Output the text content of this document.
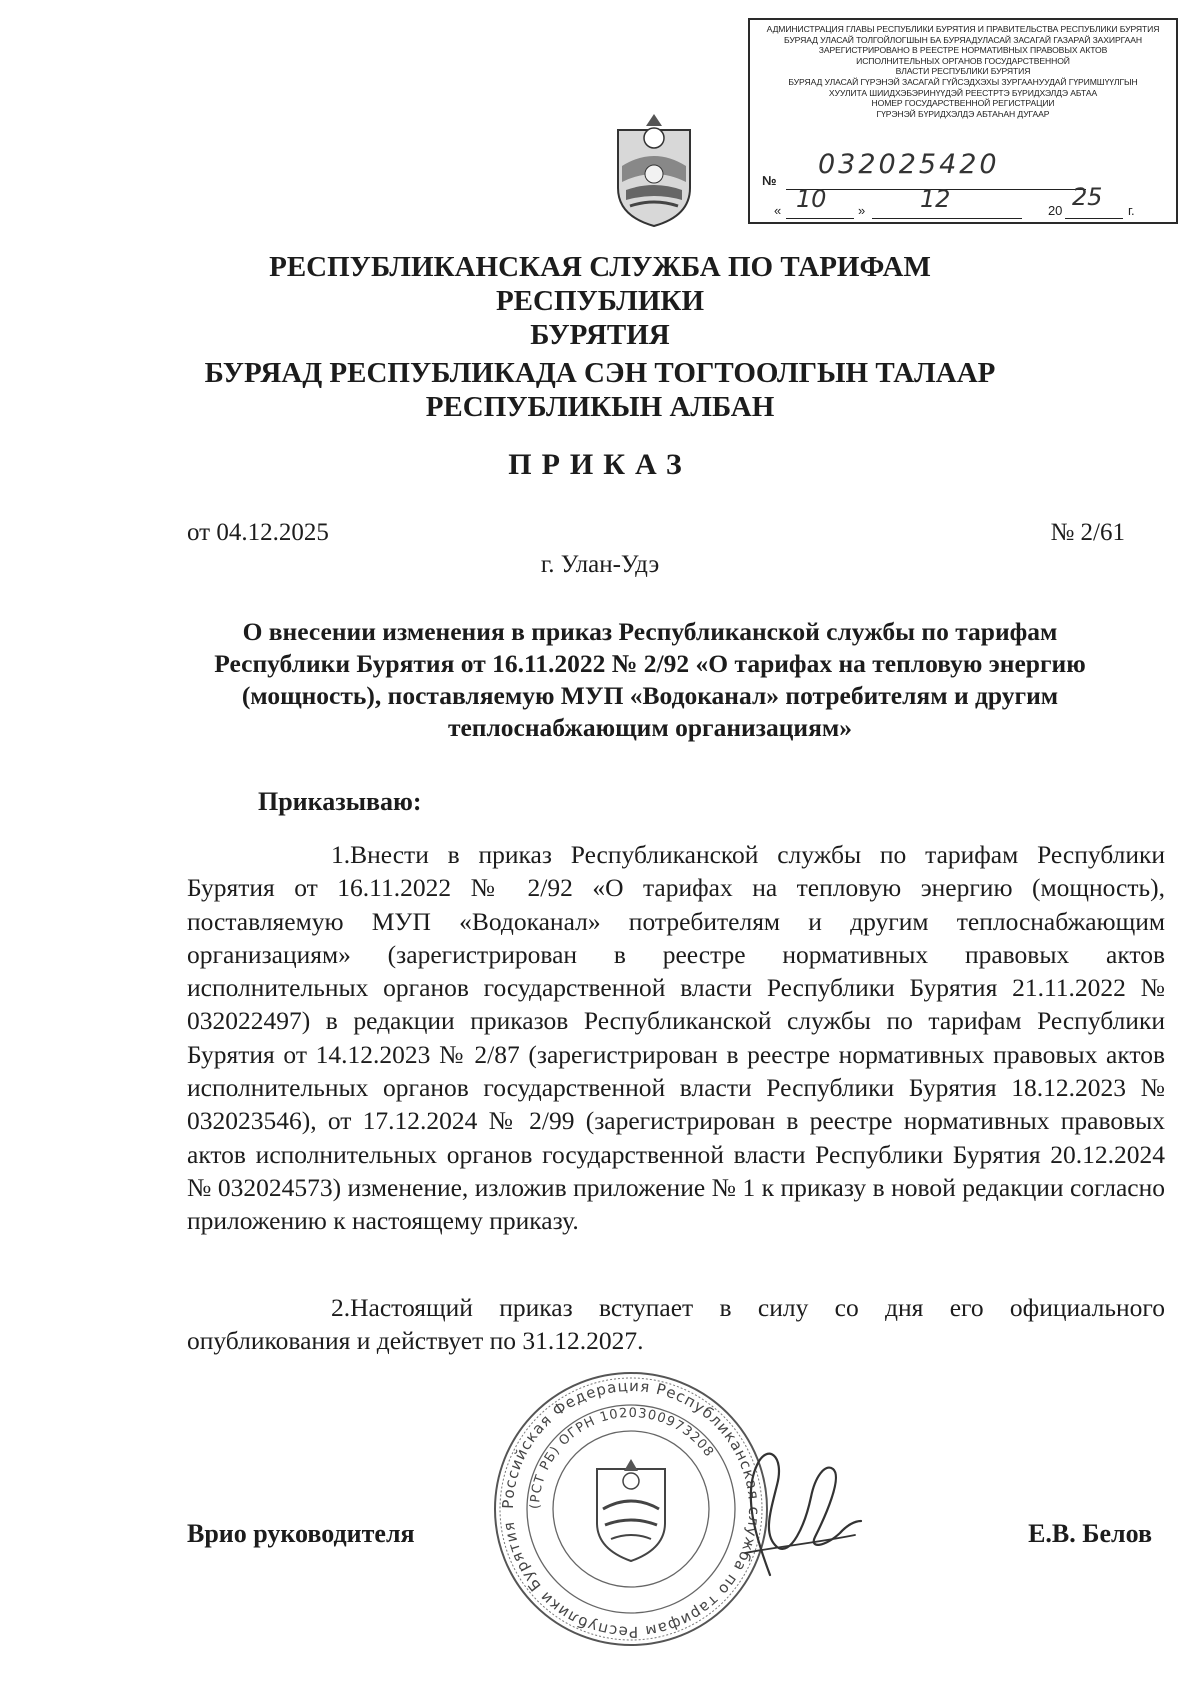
АДМИНИСТРАЦИЯ ГЛАВЫ РЕСПУБЛИКИ БУРЯТИЯ И ПРАВИТЕЛЬСТВА РЕСПУБЛИКИ БУРЯТИЯ
БУРЯАД УЛАСАЙ ТОЛГОЙЛОГШЫН БА БУРЯАДУЛАСАЙ ЗАСАГАЙ ГАЗАРАЙ ЗАХИРГААН
ЗАРЕГИСТРИРОВАНО В РЕЕСТРЕ НОРМАТИВНЫХ ПРАВОВЫХ АКТОВ
ИСПОЛНИТЕЛЬНЫХ ОРГАНОВ ГОСУДАРСТВЕННОЙ
ВЛАСТИ РЕСПУБЛИКИ БУРЯТИЯ
БУРЯАД УЛАСАЙ ГҮРЭНЭЙ ЗАСАГАЙ ГҮЙСЭДХЭХЫ ЗУРГААНУУДАЙ ГҮРИМШҮҮЛГЫН
ХУУЛИТА ШИИДХЭБЭРИНҮҮДЭЙ РЕЕСТРТЭ БҮРИДХЭЛДЭ АБТАА
НОМЕР ГОСУДАРСТВЕННОЙ РЕГИСТРАЦИИ
ГҮРЭНЭЙ БҮРИДХЭЛДЭ АБТАҺАН ДУГААР
№
032025420
« 10 » 12	20 25 г.
РЕСПУБЛИКАНСКАЯ СЛУЖБА ПО ТАРИФАМ РЕСПУБЛИКИ
БУРЯТИЯ
БУРЯАД РЕСПУБЛИКАДА СЭН ТОГТООЛГЫН ТАЛААР
РЕСПУБЛИКЫН АЛБАН
ПРИКАЗ
от 04.12.2025	№ 2/61
г. Улан-Удэ
О внесении изменения в приказ Республиканской службы по тарифам
Республики Бурятия от 16.11.2022 № 2/92 «О тарифах на тепловую энергию
(мощность), поставляемую МУП «Водоканал» потребителям и другим
теплоснабжающим организациям»
Приказываю:

1.Внести в приказ Республиканской службы по тарифам Республики Бурятия от 16.11.2022 № 2/92 «О тарифах на тепловую энергию (мощность), поставляемую МУП «Водоканал» потребителям и другим теплоснабжающим организациям» (зарегистрирован в реестре нормативных правовых актов исполнительных органов государственной власти Республики Бурятия 21.11.2022 № 032022497) в редакции приказов Республиканской службы по тарифам Республики Бурятия от 14.12.2023 № 2/87 (зарегистрирован в реестре нормативных правовых актов исполнительных органов государственной власти Республики Бурятия 18.12.2023 № 032023546), от 17.12.2024 № 2/99 (зарегистрирован в реестре нормативных правовых актов исполнительных органов государственной власти Республики Бурятия 20.12.2024 № 032024573) изменение, изложив приложение № 1 к приказу в новой редакции согласно приложению к настоящему приказу.

2.Настоящий приказ вступает в силу со дня его официального опубликования и действует по 31.12.2027.

Российская Федерация Республиканская служба по тарифам Республики Бурятия
(РСТ РБ) ОГРН 1020300973208
Врио руководителя	Е.В. Белов
